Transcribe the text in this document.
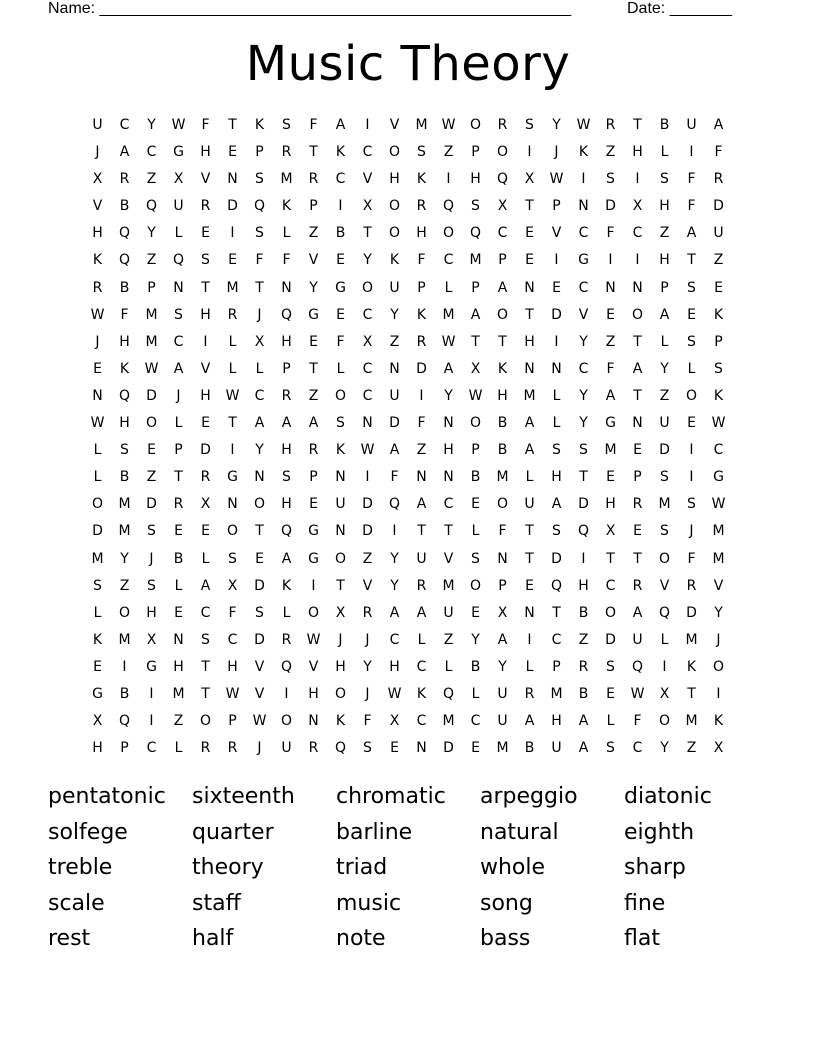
Name: _____________________________________________________	Date: _______
Music Theory
U	C	Y	W	F	T	K	S	F	A	I	V	M	W	O	R	S	Y	W	R	T	B	U	A
J	A	C	G	H	E	P	R	T	K	C	O	S	Z	P	O	I	J	K	Z	H	L	I	F
X	R	Z	X	V	N	S	M	R	C	V	H	K	I	H	Q	X	W	I	S	I	S	F	R
V	B	Q	U	R	D	Q	K	P	I	X	O	R	Q	S	X	T	P	N	D	X	H	F	D
H	Q	Y	L	E	I	S	L	Z	B	T	O	H	O	Q	C	E	V	C	F	C	Z	A	U
K	Q	Z	Q	S	E	F	F	V	E	Y	K	F	C	M	P	E	I	G	I	I	H	T	Z
R	B	P	N	T	M	T	N	Y	G	O	U	P	L	P	A	N	E	C	N	N	P	S	E
W	F	M	S	H	R	J	Q	G	E	C	Y	K	M	A	O	T	D	V	E	O	A	E	K
J	H	M	C	I	L	X	H	E	F	X	Z	R	W	T	T	H	I	Y	Z	T	L	S	P
E	K	W	A	V	L	L	P	T	L	C	N	D	A	X	K	N	N	C	F	A	Y	L	S
N	Q	D	J	H	W	C	R	Z	O	C	U	I	Y	W	H	M	L	Y	A	T	Z	O	K
W	H	O	L	E	T	A	A	A	S	N	D	F	N	O	B	A	L	Y	G	N	U	E	W
L	S	E	P	D	I	Y	H	R	K	W	A	Z	H	P	B	A	S	S	M	E	D	I	C
L	B	Z	T	R	G	N	S	P	N	I	F	N	N	B	M	L	H	T	E	P	S	I	G
O	M	D	R	X	N	O	H	E	U	D	Q	A	C	E	O	U	A	D	H	R	M	S	W
D	M	S	E	E	O	T	Q	G	N	D	I	T	T	L	F	T	S	Q	X	E	S	J	M
M	Y	J	B	L	S	E	A	G	O	Z	Y	U	V	S	N	T	D	I	T	T	O	F	M
S	Z	S	L	A	X	D	K	I	T	V	Y	R	M	O	P	E	Q	H	C	R	V	R	V
L	O	H	E	C	F	S	L	O	X	R	A	A	U	E	X	N	T	B	O	A	Q	D	Y
K	M	X	N	S	C	D	R	W	J	J	C	L	Z	Y	A	I	C	Z	D	U	L	M	J
E	I	G	H	T	H	V	Q	V	H	Y	H	C	L	B	Y	L	P	R	S	Q	I	K	O
G	B	I	M	T	W	V	I	H	O	J	W	K	Q	L	U	R	M	B	E	W	X	T	I
X	Q	I	Z	O	P	W	O	N	K	F	X	C	M	C	U	A	H	A	L	F	O	M	K
H	P	C	L	R	R	J	U	R	Q	S	E	N	D	E	M	B	U	A	S	C	Y	Z	X
pentatonic	sixteenth	chromatic	arpeggio	diatonic
solfege	quarter	barline	natural	eighth
treble	theory	triad	whole	sharp
scale	staff	music	song	fine
rest	half	note	bass	flat
